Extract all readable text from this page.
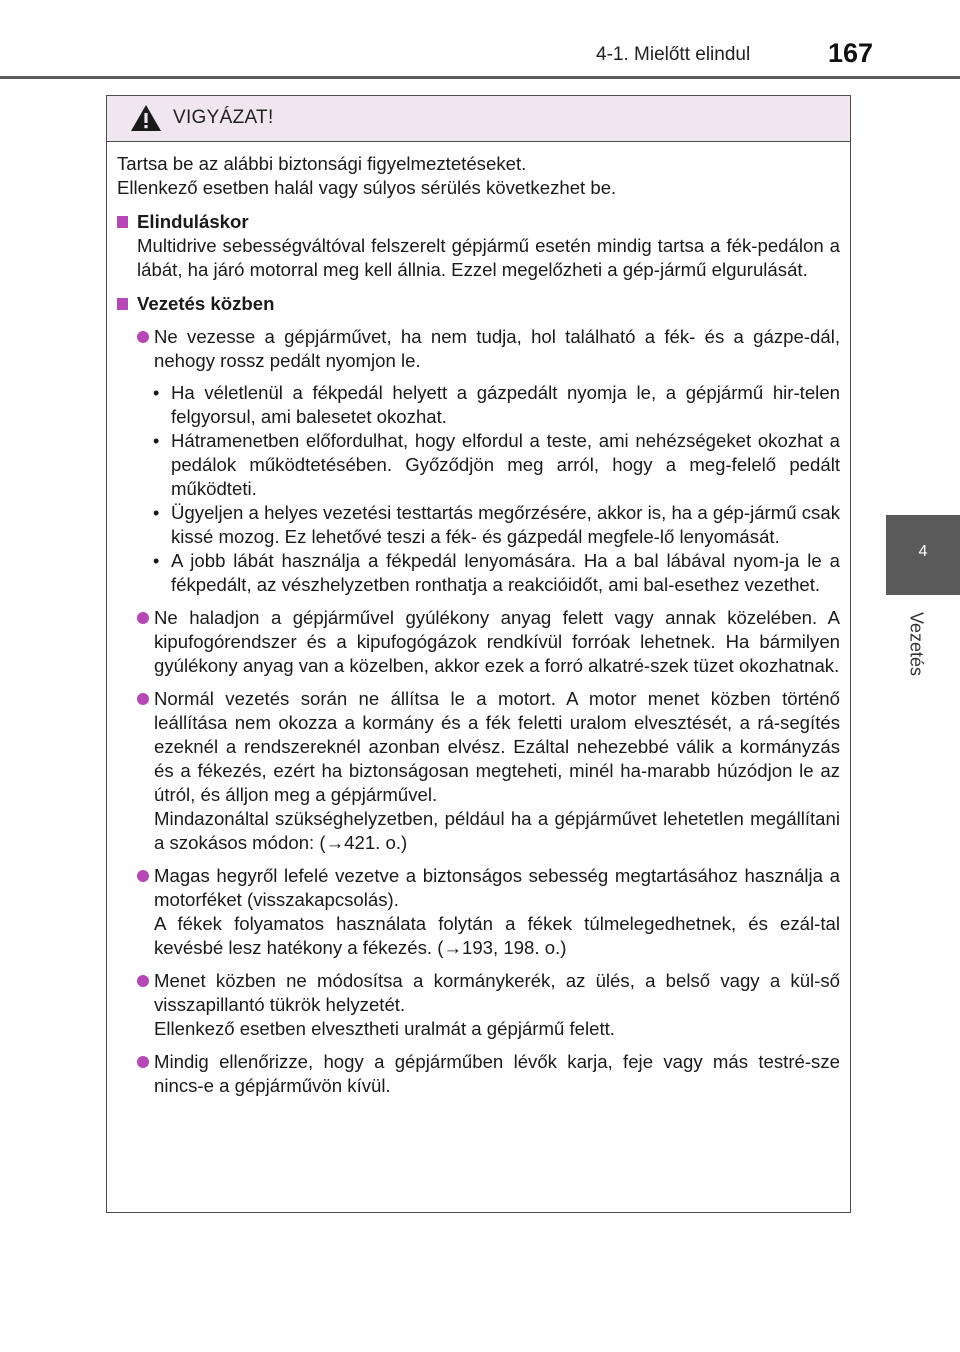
4-1. Mielőtt elindul	167
4
Vezetés
VIGYÁZAT!

Tartsa be az alábbi biztonsági figyelmeztetéseket.

Ellenkező esetben halál vagy súlyos sérülés következhet be.

Elinduláskor

Multidrive sebességváltóval felszerelt gépjármű esetén mindig tartsa a fék-pedálon a lábát, ha járó motorral meg kell állnia. Ezzel megelőzheti a gép-jármű elgurulását.

Vezetés közben

Ne vezesse a gépjárművet, ha nem tudja, hol található a fék- és a gázpe-dál, nehogy rossz pedált nyomjon le.

• Ha véletlenül a fékpedál helyett a gázpedált nyomja le, a gépjármű hir-telen felgyorsul, ami balesetet okozhat.

• Hátramenetben előfordulhat, hogy elfordul a teste, ami nehézségeket okozhat a pedálok működtetésében. Győződjön meg arról, hogy a meg-felelő pedált működteti.

• Ügyeljen a helyes vezetési testtartás megőrzésére, akkor is, ha a gép-jármű csak kissé mozog. Ez lehetővé teszi a fék- és gázpedál megfele-lő lenyomását.

• A jobb lábát használja a fékpedál lenyomására. Ha a bal lábával nyom-ja le a fékpedált, az vészhelyzetben ronthatja a reakcióidőt, ami bal-esethez vezethet.

Ne haladjon a gépjárművel gyúlékony anyag felett vagy annak közelében. A kipufogórendszer és a kipufogógázok rendkívül forróak lehetnek. Ha bármilyen gyúlékony anyag van a közelben, akkor ezek a forró alkatré-szek tüzet okozhatnak.

Normál vezetés során ne állítsa le a motort. A motor menet közben történő leállítása nem okozza a kormány és a fék feletti uralom elvesztését, a rá-segítés ezeknél a rendszereknél azonban elvész. Ezáltal nehezebbé válik a kormányzás és a fékezés, ezért ha biztonságosan megteheti, minél ha-marabb húzódjon le az útról, és álljon meg a gépjárművel.

Mindazonáltal szükséghelyzetben, például ha a gépjárművet lehetetlen megállítani a szokásos módon: (→421. o.)

Magas hegyről lefelé vezetve a biztonságos sebesség megtartásához használja a motorféket (visszakapcsolás).

A fékek folyamatos használata folytán a fékek túlmelegedhetnek, és ezál-tal kevésbé lesz hatékony a fékezés. (→193, 198. o.)

Menet közben ne módosítsa a kormánykerék, az ülés, a belső vagy a kül-ső visszapillantó tükrök helyzetét.

Ellenkező esetben elvesztheti uralmát a gépjármű felett.

Mindig ellenőrizze, hogy a gépjárműben lévők karja, feje vagy más testré-sze nincs-e a gépjárművön kívül.
